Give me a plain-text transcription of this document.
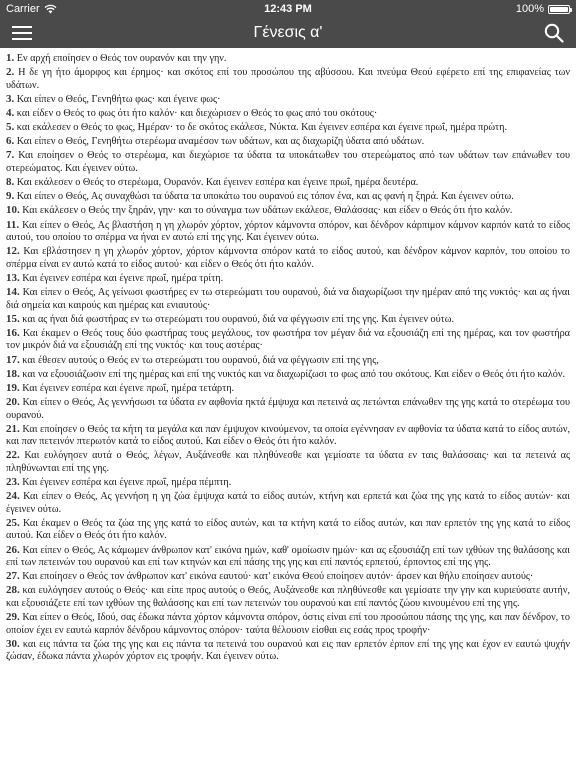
Carrier	12:43 PM	100%
Γένεσις α'

1. Εν αρχή εποίησεν ο Θεός τον ουρανόν και την γην.

2. Η δε γη ήτο άμορφος και έρημος· και σκότος επί του προσώπου της αβύσσου. Και πνεύμα Θεού εφέρετο επί της επιφανείας των υδάτων.

3. Και είπεν ο Θεός, Γενηθήτω φως· και έγεινε φως·

4. και είδεν ο Θεός το φως ότι ήτο καλόν· και διεχώρισεν ο Θεός το φως από του σκότους·

5. και εκάλεσεν ο Θεός το φως, Ημέραν· το δε σκότος εκάλεσε, Νύκτα. Και έγεινεν εσπέρα και έγεινε πρωΐ, ημέρα πρώτη.

6. Και είπεν ο Θεός, Γενηθήτω στερέωμα αναμέσον των υδάτων, και ας διαχωρίζη ύδατα από υδάτων.

7. Και εποίησεν ο Θεός το στερέωμα, και διεχώρισε τα ύδατα τα υποκάτωθεν του στερεώματος από των υδάτων των επάνωθεν του στερεώματος. Και έγεινεν ούτω.

8. Και εκάλεσεν ο Θεός το στερέωμα, Ουρανόν. Και έγεινεν εσπέρα και έγεινε πρωΐ, ημέρα δευτέρα.

9. Και είπεν ο Θεός, Ας συναχθώσι τα ύδατα τα υποκάτω του ουρανού εις τόπον ένα, και ας φανή η ξηρά. Και έγεινεν ούτω.

10. Και εκάλεσεν ο Θεός την ξηράν, γην· και το σύναγμα των υδάτων εκάλεσε, Θαλάσσας· και είδεν ο Θεός ότι ήτο καλόν.

11. Και είπεν ο Θεός, Ας βλαστήση η γη χλωρόν χόρτον, χόρτον κάμνοντα σπόρον, και δένδρον κάρπιμον κάμνον καρπόν κατά το είδος αυτού, του οποίου το σπέρμα να ήναι εν αυτώ επί της γης. Και έγεινεν ούτω.

12. Και εβλάστησεν η γη χλωρόν χόρτον, χόρτον κάμνοντα σπόρον κατά το είδος αυτού, και δένδρον κάμνον καρπόν, του οποίου το σπέρμα είναι εν αυτώ κατά το είδος αυτού· και είδεν ο Θεός ότι ήτο καλόν.

13. Και έγεινεν εσπέρα και έγεινε πρωΐ, ημέρα τρίτη.

14. Και είπεν ο Θεός, Ας γείνωσι φωστήρες εν τω στερεώματι του ουρανού, διά να διαχωρίζωσι την ημέραν από της νυκτός· και ας ήναι διά σημεία και καιρούς και ημέρας και ενιαυτούς·

15. και ας ήναι διά φωστήρας εν τω στερεώματι του ουρανού, διά να φέγγωσιν επί της γης. Και έγεινεν ούτω.

16. Και έκαμεν ο Θεός τους δύο φωστήρας τους μεγάλους, τον φωστήρα τον μέγαν διά να εξουσιάζη επί της ημέρας, και τον φωστήρα τον μικρόν διά να εξουσιάζη επί της νυκτός· και τους αστέρας·

17. και έθεσεν αυτούς ο Θεός εν τω στερεώματι του ουρανού, διά να φέγγωσιν επί της γης,

18. και να εξουσιάζωσιν επί της ημέρας και επί της νυκτός και να διαχωρίζωσι το φως από του σκότους. Και είδεν ο Θεός ότι ήτο καλόν.

19. Και έγεινεν εσπέρα και έγεινε πρωΐ, ημέρα τετάρτη.

20. Και είπεν ο Θεός, Ας γεννήσωσι τα ύδατα εν αφθονία ηκτά έμψυχα και πετεινά ας πετώνται επάνωθεν της γης κατά το στερέωμα του ουρανού.

21. Και εποίησεν ο Θεός τα κήτη τα μεγάλα και παν έμψυχον κινούμενον, τα οποία εγέννησαν εν αφθονία τα ύδατα κατά το είδος αυτών, και παν πετεινόν πτερωτόν κατά το είδος αυτού. Και είδεν ο Θεός ότι ήτο καλόν.

22. Και ευλόγησεν αυτά ο Θεός, λέγων, Αυξάνεσθε και πληθύνεσθε και γεμίσατε τα ύδατα εν ταις θαλάσσαις· και τα πετεινά ας πληθύνωνται επί της γης.

23. Και έγεινεν εσπέρα και έγεινε πρωΐ, ημέρα πέμπτη.

24. Και είπεν ο Θεός, Ας γεννήση η γη ζώα έμψυχα κατά το είδος αυτών, κτήνη και ερπετά και ζώα της γης κατά το είδος αυτών· και έγεινεν ούτω.

25. Και έκαμεν ο Θεός τα ζώα της γης κατά το είδος αυτών, και τα κτήνη κατά το είδος αυτών, και παν ερπετόν της γης κατά το είδος αυτού. Και είδεν ο Θεός ότι ήτο καλόν.

26. Και είπεν ο Θεός, Ας κάμωμεν άνθρωπον κατ' εικόνα ημών, καθ' ομοίωσιν ημών· και ας εξουσιάζη επί των ιχθύων της θαλάσσης και επί των πετεινών του ουρανού και επί των κτηνών και επί πάσης της γης και επί παντός ερπετού, έρποντος επί της γης.

27. Και εποίησεν ο Θεός τον άνθρωπον κατ' εικόνα εαυτού· κατ' εικόνα Θεού εποίησεν αυτόν· άρσεν και θήλυ εποίησεν αυτούς·

28. και ευλόγησεν αυτούς ο Θεός· και είπε προς αυτούς ο Θεός, Αυξάνεσθε και πληθύνεσθε και γεμίσατε την γην και κυριεύσατε αυτήν, και εξουσιάζετε επί των ιχθύων της θαλάσσης και επί των πετεινών του ουρανού και επί παντός ζώου κινουμένου επί της γης.

29. Και είπεν ο Θεός, Ιδού, σας έδωκα πάντα χόρτον κάμνοντα σπόρον, όστις είναι επί του προσώπου πάσης της γης, και παν δένδρον, το οποίον έχει εν εαυτώ καρπόν δένδρου κάμνοντος σπόρον· ταύτα θέλουσιν είσθαι εις εσάς προς τροφήν·

30. και εις πάντα τα ζώα της γης και εις πάντα τα πετεινά του ουρανού και εις παν ερπετόν έρπον επί της γης και έχον εν εαυτώ ψυχήν ζώσαν, έδωκα πάντα χλωρόν χόρτον εις τροφήν. Και έγεινεν ούτω.
